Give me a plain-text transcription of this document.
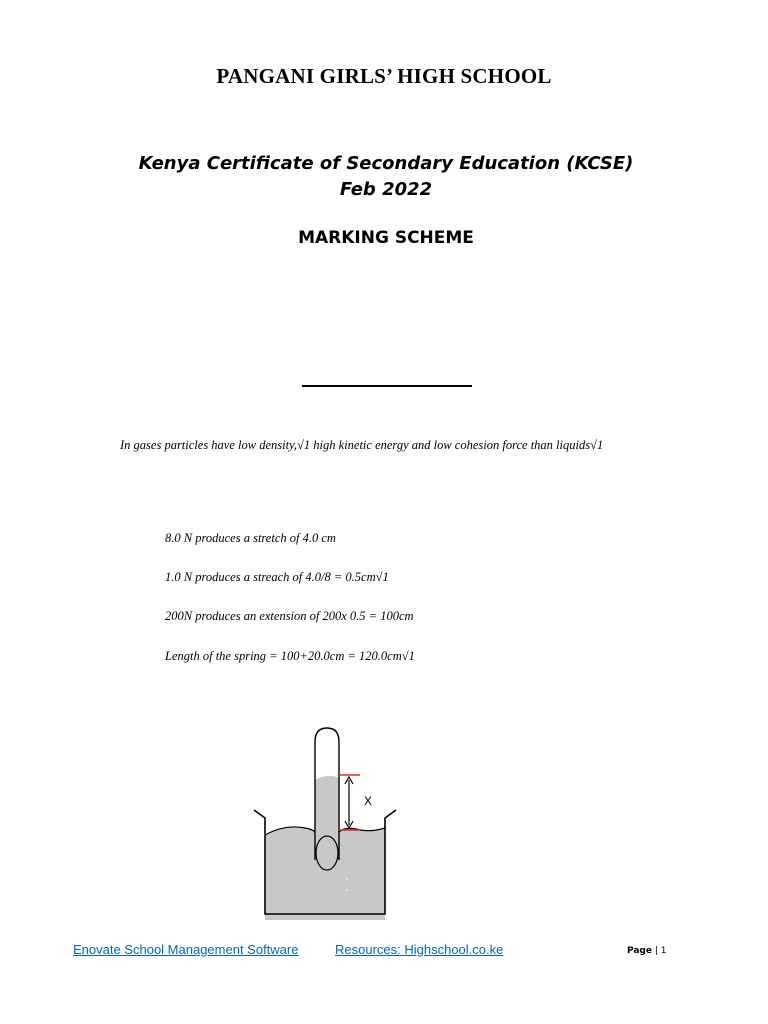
PANGANI GIRLS’ HIGH SCHOOL
Kenya Certificate of Secondary Education (KCSE)
Feb 2022
MARKING SCHEME
In gases particles have low density,√1 high kinetic energy and low cohesion force than liquids√1
8.0 N produces a stretch of 4.0 cm
1.0 N produces a streach of 4.0/8 = 0.5cm√1
200N produces an extension of 200x 0.5 = 100cm
Length of the spring = 100+20.0cm = 120.0cm√1
X
Enovate School Management Software	Resources: Highschool.co.ke	Page | 1
